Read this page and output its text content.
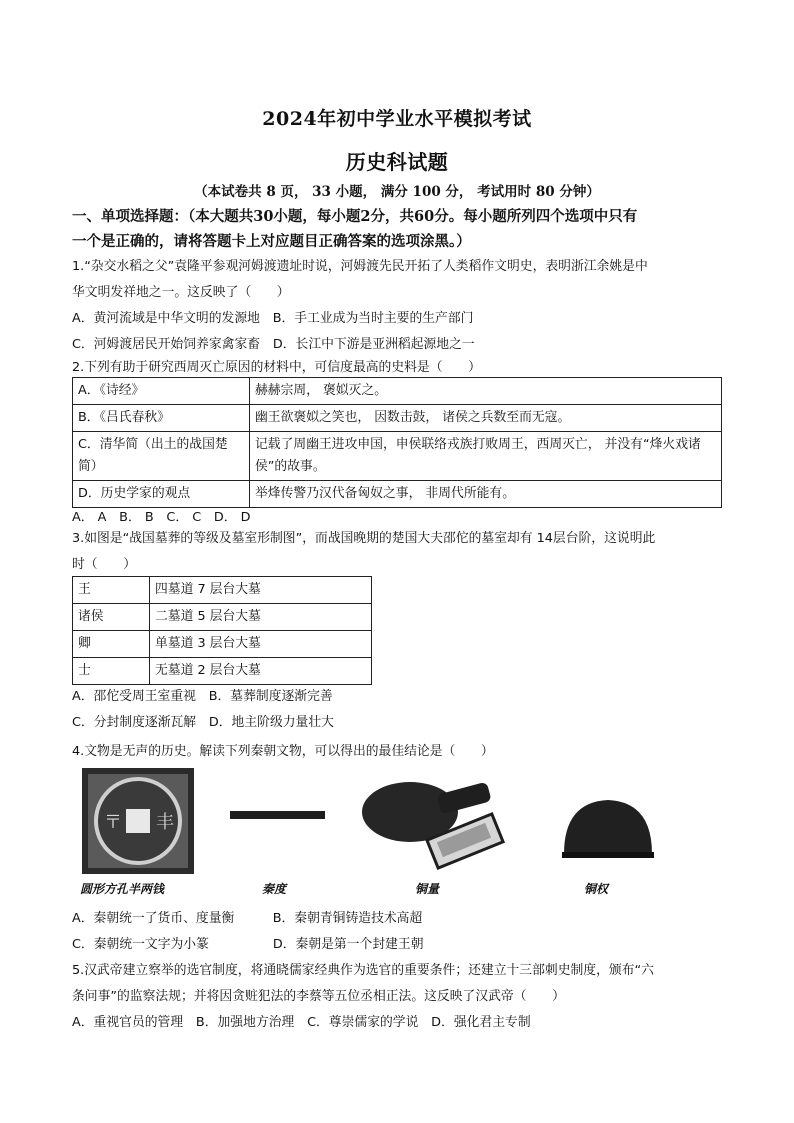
2024年初中学业水平模拟考试
历史科试题
（本试卷共 8 页， 33 小题， 满分 100 分， 考试用时 80 分钟）
一、单项选择题：（本大题共30小题，每小题2分，共60分。每小题所列四个选项中只有
一个是正确的，请将答题卡上对应题目正确答案的选项涂黑。）
1.“杂交水稻之父”袁隆平参观河姆渡遗址时说，河姆渡先民开拓了人类稻作文明史，表明浙江余姚是中
华文明发祥地之一。这反映了（　　）
A．黄河流域是中华文明的发源地　B．手工业成为当时主要的生产部门
C．河姆渡居民开始饲养家禽家畜　D．长江中下游是亚洲稻起源地之一
2.下列有助于研究西周灭亡原因的材料中，可信度最高的史料是（　　）
A．《诗经》	赫赫宗周， 褒姒灭之。
B．《吕氏春秋》	幽王欲褒姒之笑也， 因数击鼓， 诸侯之兵数至而无寇。
C．清华简（出土的战国楚简）	记载了周幽王进攻申国，申侯联络戎族打败周王，西周灭亡， 并没有“烽火戏诸侯”的故事。
D．历史学家的观点	举烽传警乃汉代备匈奴之事， 非周代所能有。
A． A　B． B　C． C　D． D
3.如图是“战国墓葬的等级及墓室形制图”，而战国晚期的楚国大夫邵佗的墓室却有 14层台阶，这说明此
时（　　）
王	四墓道 7 层台大墓
诸侯	二墓道 5 层台大墓
卿	单墓道 3 层台大墓
士	无墓道 2 层台大墓
A．邵佗受周王室重视　B．墓葬制度逐渐完善
C．分封制度逐渐瓦解　D．地主阶级力量壮大
4.文物是无声的历史。解读下列秦朝文物，可以得出的最佳结论是（　　）
〒 丰
圆形方孔半两钱	秦度	铜量	铜权
A．秦朝统一了货币、度量衡　　　B．秦朝青铜铸造技术高超
C．秦朝统一文字为小篆　　　　　D．秦朝是第一个封建王朝
5.汉武帝建立察举的选官制度，将通晓儒家经典作为选官的重要条件；还建立十三部刺史制度，颁布“六
条问事”的监察法规；并将因贪赃犯法的李蔡等五位丞相正法。这反映了汉武帝（　　）
A．重视官员的管理　B．加强地方治理　C．尊崇儒家的学说　D．强化君主专制
